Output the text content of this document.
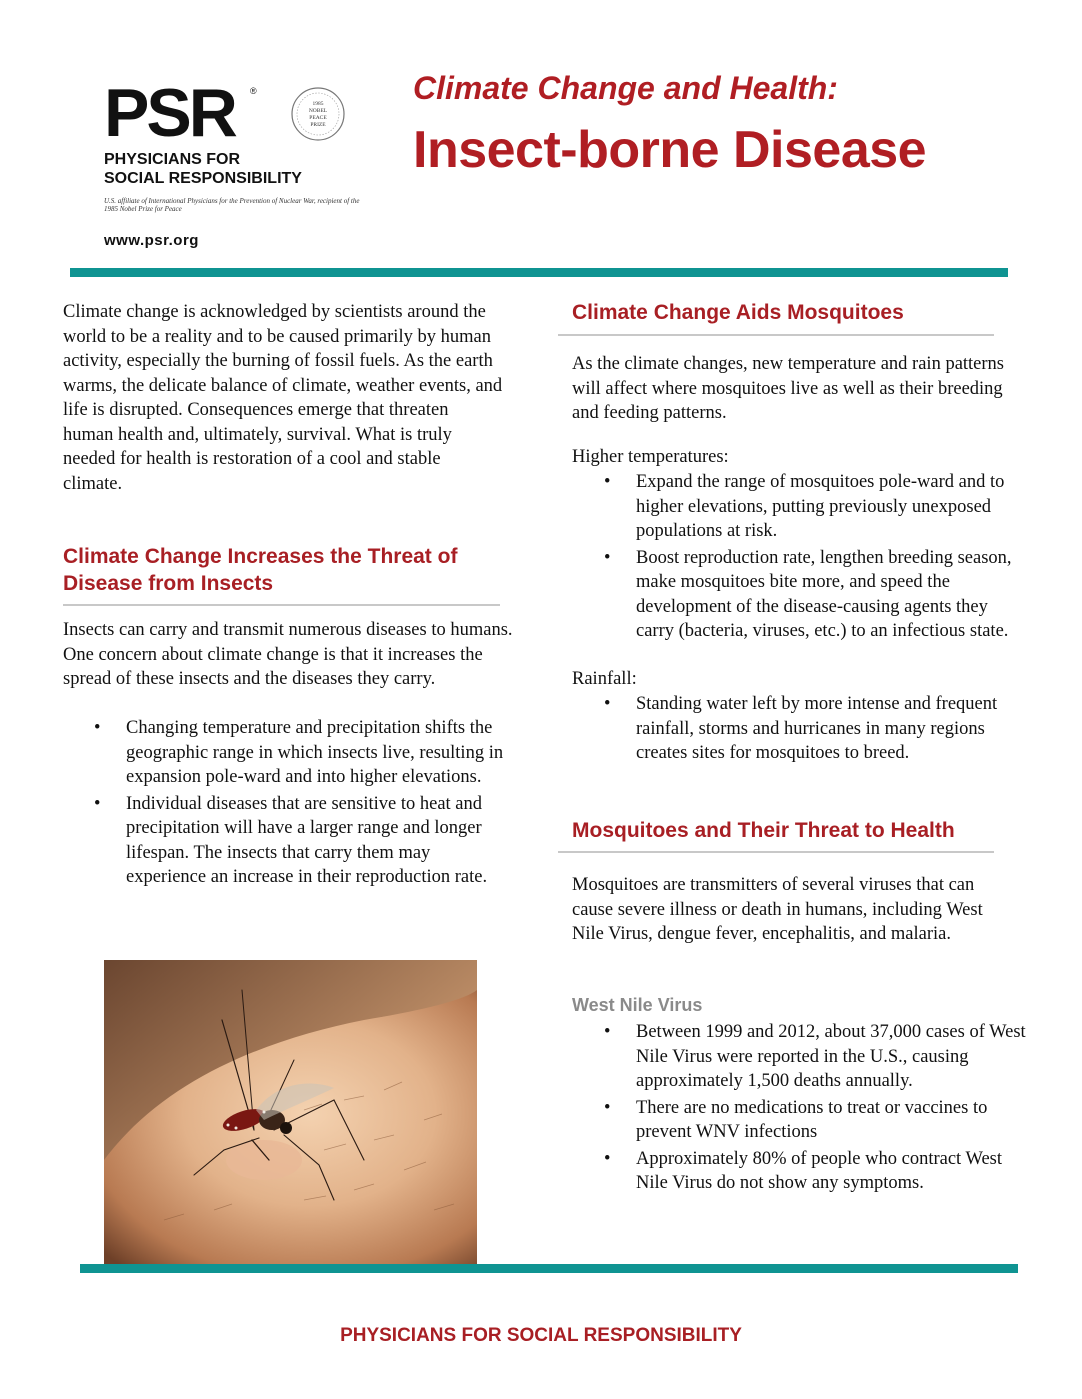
PSR ®
PHYSICIANS FOR
SOCIAL RESPONSIBILITY
U.S. affiliate of International Physicians for the Prevention of Nuclear War, recipient of the 1985 Nobel Prize for Peace
1985
NOBEL
PEACE
PRIZE
www.psr.org
Climate Change and Health:
Insect-borne Disease
Climate change is acknowledged by scientists around the world to be a reality and to be caused primarily by human activity, especially the burning of fossil fuels. As the earth warms, the delicate balance of climate, weather events, and life is disrupted. Consequences emerge that threaten human health and, ultimately, survival. What is truly needed for health is restoration of a cool and stable climate.
Climate Change Increases the Threat of Disease from Insects
Insects can carry and transmit numerous diseases to humans. One concern about climate change is that it increases the spread of these insects and the diseases they carry.
• Changing temperature and precipitation shifts the geographic range in which insects live, resulting in expansion pole-ward and into higher elevations.
• Individual diseases that are sensitive to heat and precipitation will have a larger range and longer lifespan. The insects that carry them may experience an increase in their reproduction rate.
Climate Change Aids Mosquitoes
As the climate changes, new temperature and rain patterns will affect where mosquitoes live as well as their breeding and feeding patterns.
Higher temperatures:
• Expand the range of mosquitoes pole-ward and to higher elevations, putting previously unexposed populations at risk.
• Boost reproduction rate, lengthen breeding season, make mosquitoes bite more, and speed the development of the disease-causing agents they carry (bacteria, viruses, etc.) to an infectious state.
Rainfall:
• Standing water left by more intense and frequent rainfall, storms and hurricanes in many regions creates sites for mosquitoes to breed.
Mosquitoes and Their Threat to Health
Mosquitoes are transmitters of several viruses that can cause severe illness or death in humans, including West Nile Virus, dengue fever, encephalitis, and malaria.
West Nile Virus
• Between 1999 and 2012, about 37,000 cases of West Nile Virus were reported in the U.S., causing approximately 1,500 deaths annually.
• There are no medications to treat or vaccines to prevent WNV infections
• Approximately 80% of people who contract West Nile Virus do not show any symptoms.
PHYSICIANS FOR SOCIAL RESPONSIBILITY
